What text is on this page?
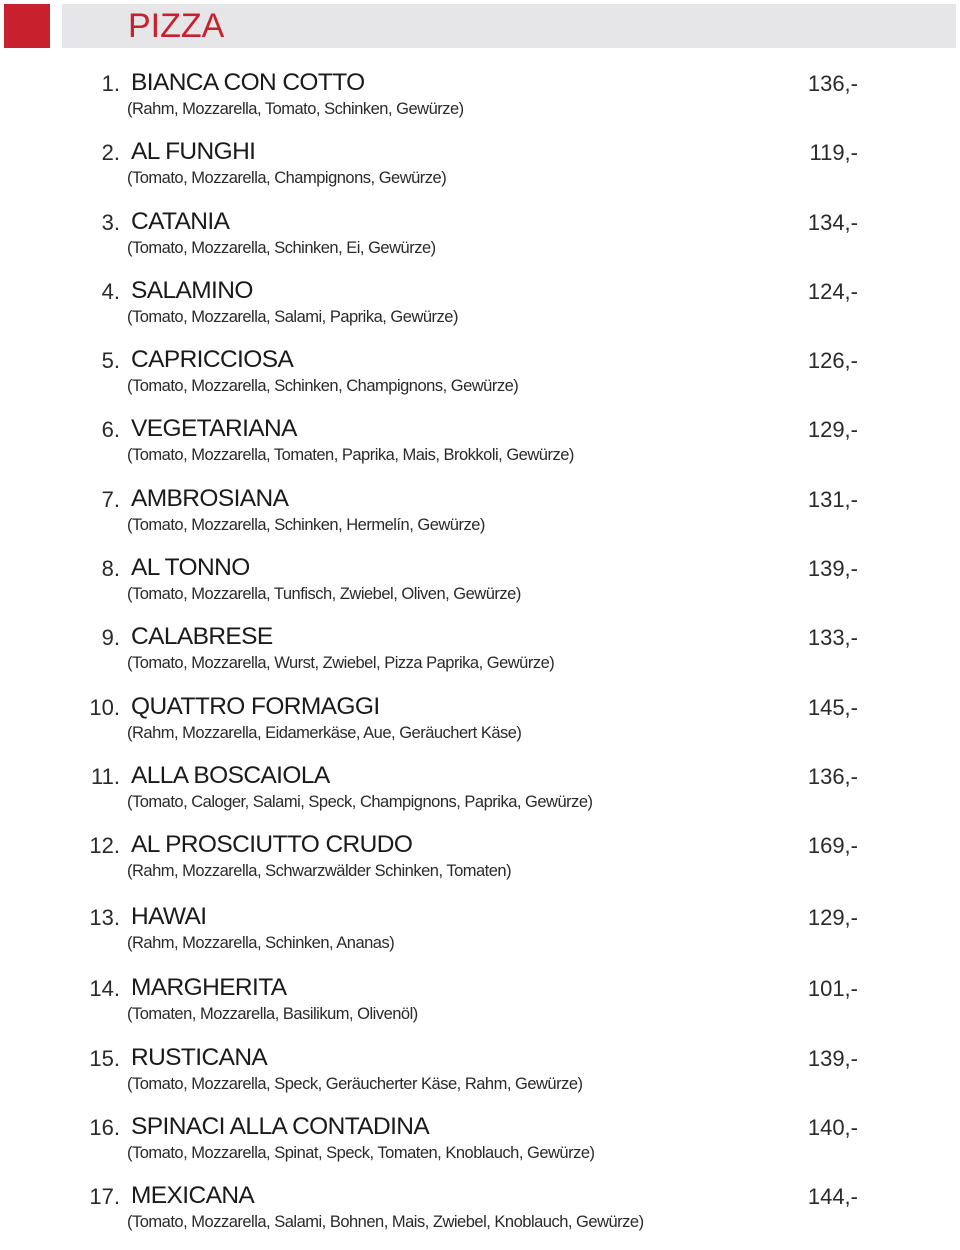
PIZZA
1. BIANCA CON COTTO	136,-
(Rahm, Mozzarella, Tomato, Schinken, Gewürze)
2. AL FUNGHI	119,-
(Tomato, Mozzarella, Champignons, Gewürze)
3. CATANIA	134,-
(Tomato, Mozzarella, Schinken, Ei, Gewürze)
4. SALAMINO	124,-
(Tomato, Mozzarella, Salami, Paprika, Gewürze)
5. CAPRICCIOSA	126,-
(Tomato, Mozzarella, Schinken, Champignons, Gewürze)
6. VEGETARIANA	129,-
(Tomato, Mozzarella, Tomaten, Paprika, Mais, Brokkoli, Gewürze)
7. AMBROSIANA	131,-
(Tomato, Mozzarella, Schinken, Hermelín, Gewürze)
8. AL TONNO	139,-
(Tomato, Mozzarella, Tunfisch, Zwiebel, Oliven, Gewürze)
9. CALABRESE	133,-
(Tomato, Mozzarella, Wurst, Zwiebel, Pizza Paprika, Gewürze)
10. QUATTRO FORMAGGI	145,-
(Rahm, Mozzarella, Eidamerkäse, Aue, Geräuchert Käse)
11. ALLA BOSCAIOLA	136,-
(Tomato, Caloger, Salami, Speck, Champignons, Paprika, Gewürze)
12. AL PROSCIUTTO CRUDO	169,-
(Rahm, Mozzarella, Schwarzwälder Schinken, Tomaten)
13. HAWAI	129,-
(Rahm, Mozzarella, Schinken, Ananas)
14. MARGHERITA	101,-
(Tomaten, Mozzarella, Basilikum, Olivenöl)
15. RUSTICANA	139,-
(Tomato, Mozzarella, Speck, Geräucherter Käse, Rahm, Gewürze)
16. SPINACI ALLA CONTADINA	140,-
(Tomato, Mozzarella, Spinat, Speck, Tomaten, Knoblauch, Gewürze)
17. MEXICANA	144,-
(Tomato, Mozzarella, Salami, Bohnen, Mais, Zwiebel, Knoblauch, Gewürze)
